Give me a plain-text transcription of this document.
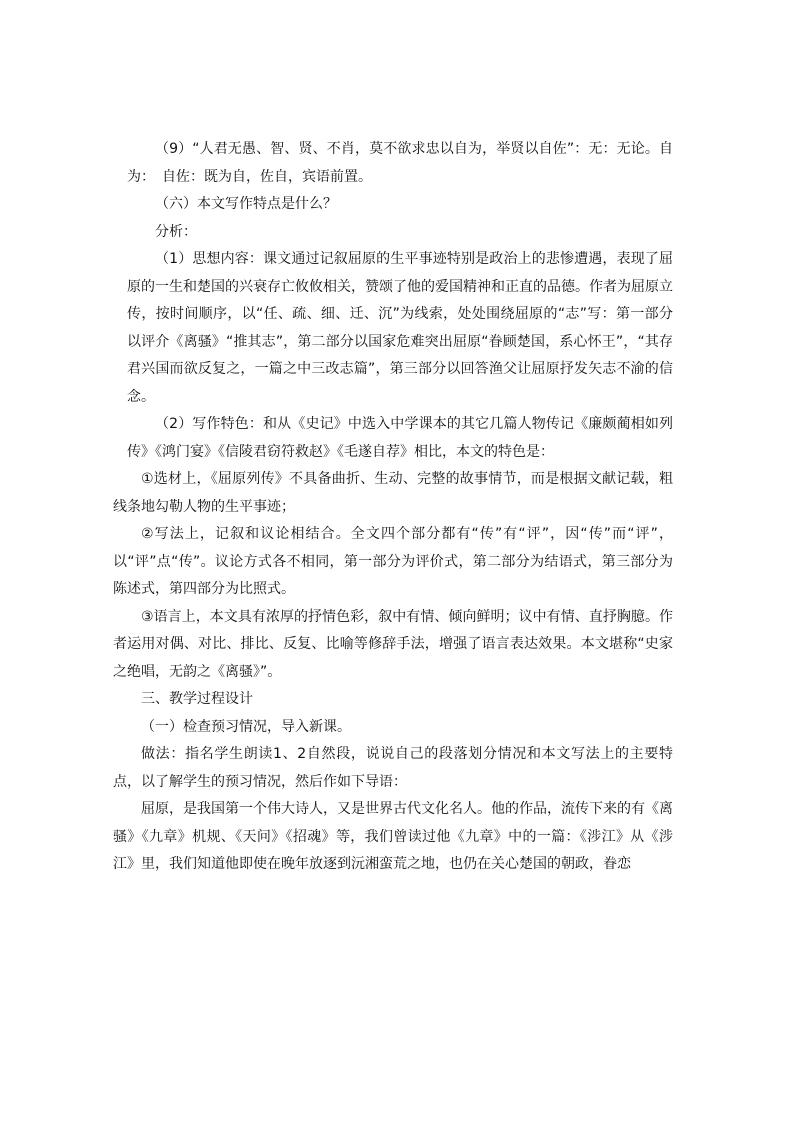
（9）“人君无愚、智、贤、不肖，莫不欲求忠以自为，举贤以自佐”：无：无论。自为：　自佐：既为自，佐自，宾语前置。

（六）本文写作特点是什么？

分析：

（1）思想内容：课文通过记叙屈原的生平事迹特别是政治上的悲惨遭遇，表现了屈原的一生和楚国的兴衰存亡攸攸相关，赞颂了他的爱国精神和正直的品德。作者为屈原立传，按时间顺序，以“任、疏、细、迁、沉”为线索，处处围绕屈原的“志”写：第一部分以评介《离骚》“推其志”，第二部分以国家危难突出屈原“眷顾楚国，系心怀王”，“其存君兴国而欲反复之，一篇之中三改志篇”，第三部分以回答渔父让屈原抒发矢志不渝的信念。

（2）写作特色：和从《史记》中选入中学课本的其它几篇人物传记《廉颇蔺相如列传》《鸿门宴》《信陵君窃符救赵》《毛遂自荐》相比，本文的特色是：

①选材上，《屈原列传》不具备曲折、生动、完整的故事情节，而是根据文献记载，粗线条地勾勒人物的生平事迹；

②写法上，记叙和议论相结合。全文四个部分都有“传”有“评”，因“传”而“评”，以“评”点“传”。议论方式各不相同，第一部分为评价式，第二部分为结语式，第三部分为陈述式，第四部分为比照式。

③语言上，本文具有浓厚的抒情色彩，叙中有情、倾向鲜明；议中有情、直抒胸臆。作者运用对偶、对比、排比、反复、比喻等修辞手法，增强了语言表达效果。本文堪称“史家之绝唱，无韵之《离骚》”。

三、教学过程设计

（一）检查预习情况，导入新课。

做法：指名学生朗读1、2自然段，说说自己的段落划分情况和本文写法上的主要特点，以了解学生的预习情况，然后作如下导语：

屈原，是我国第一个伟大诗人，又是世界古代文化名人。他的作品，流传下来的有《离骚》《九章》机规、《天问》《招魂》等，我们曾读过他《九章》中的一篇：《涉江》从《涉江》里，我们知道他即使在晚年放逐到沅湘蛮荒之地，也仍在关心楚国的朝政，眷恋
